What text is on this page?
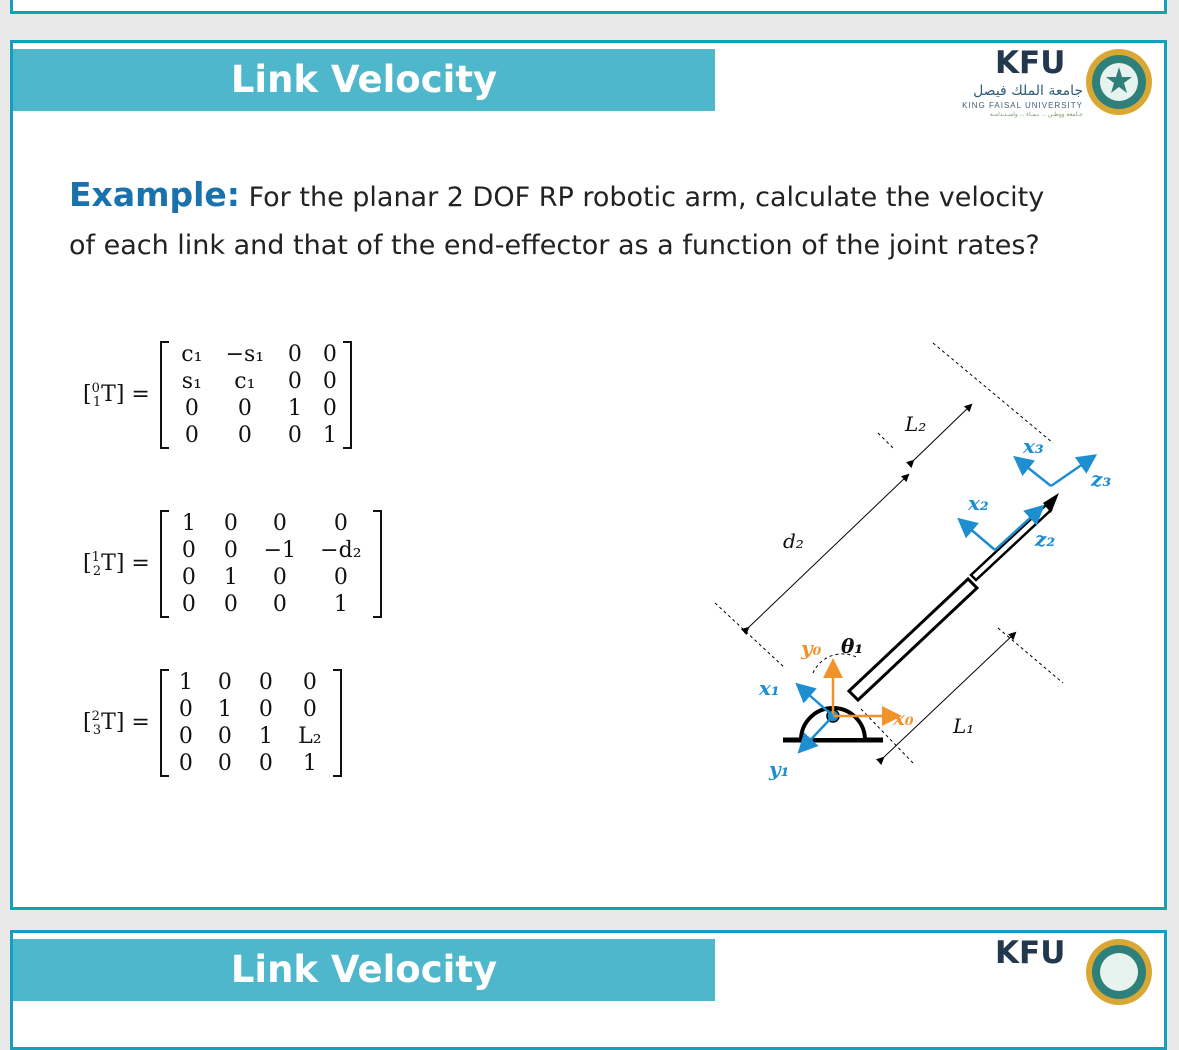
Link Velocity	KFU
جامعة الملك فيصل
KING FAISAL UNIVERSITY
جـامعة ووطـن ... نـمـاء ... واسـتـدامـة

Example: For the planar 2 DOF RP robotic arm, calculate the velocity of each link and that of the end-effector as a function of the joint rates?

[$^0_1$T] =
c₁	−s₁	0 0
s₁	c₁	0 0
0	0	1 0
0	0	0 1
[$^1_2$T] =
1	0	0	0
0	0	−1	−d₂
0	1	0	0
0	0	0	1
[$^2_3$T] =
1	0	0	0
0	1	0	0
0	0	1	L₂
0	0	0	1
L₂
d₂
L₁
x₃
z₃
x₂
z₂
y₀ θ₁
x₁
x₀
y₁
Link Velocity	KFU
